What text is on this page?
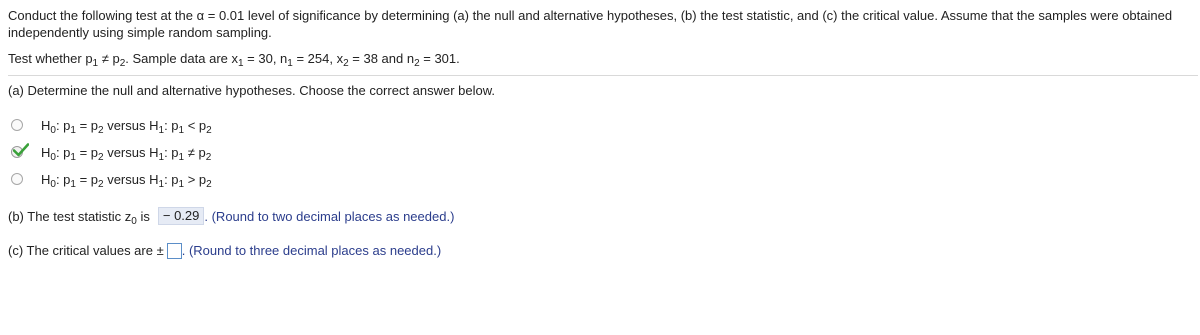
Conduct the following test at the α = 0.01 level of significance by determining (a) the null and alternative hypotheses, (b) the test statistic, and (c) the critical value. Assume that the samples were obtained independently using simple random sampling.

Test whether $p_1 \ne p_2$. Sample data are $x_1 = 30$, $n_1 = 254$, $x_2 = 38$ and $n_2 = 301$.
(a) Determine the null and alternative hypotheses. Choose the correct answer below.
$H_0$: $p_1 = p_2$ versus $H_1$: $p_1 < p_2$
$H_0$: $p_1 = p_2$ versus $H_1$: $p_1 \ne p_2$
$H_0$: $p_1 = p_2$ versus $H_1$: $p_1 > p_2$
(b) The test statistic $z_0$ is	− 0.29 . (Round to two decimal places as needed.)
(c) The critical values are ± . (Round to three decimal places as needed.)
